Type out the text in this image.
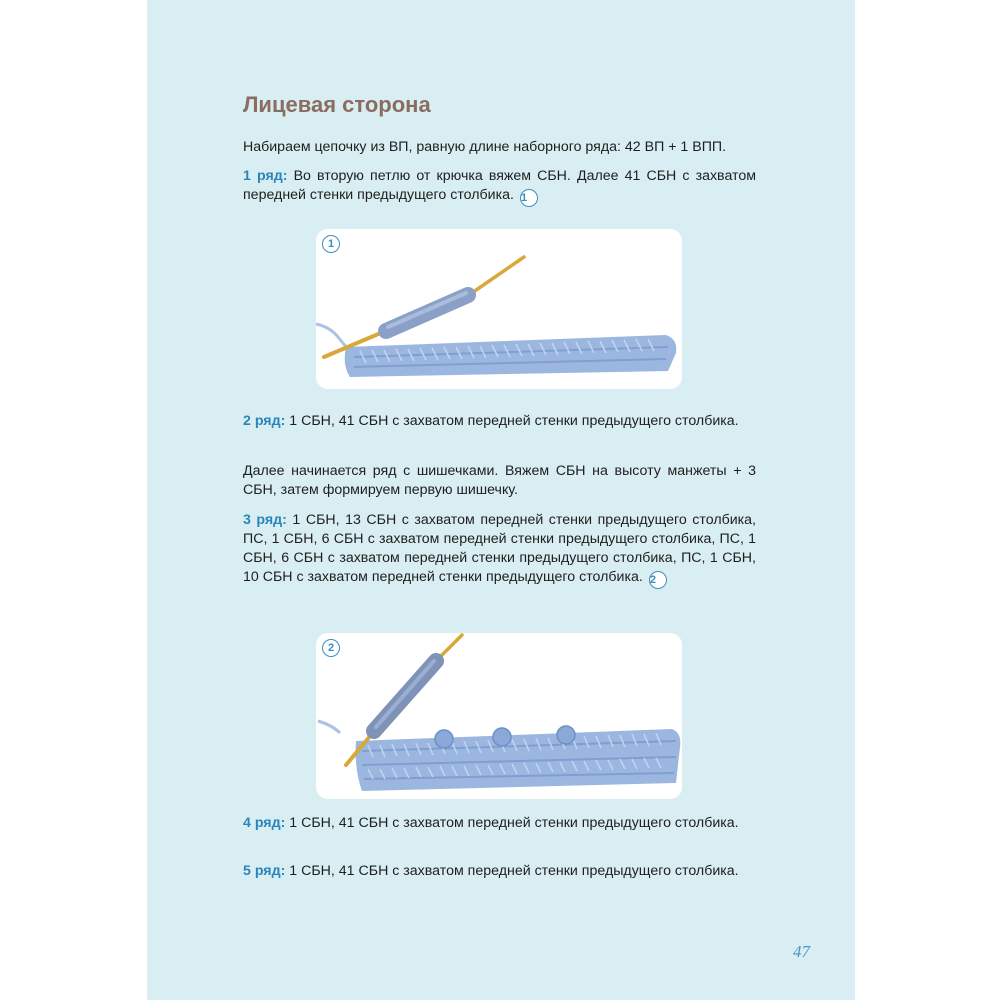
Лицевая сторона

Набираем цепочку из ВП, равную длине наборного ряда: 42 ВП + 1 ВПП.

1 ряд: Во вторую петлю от крючка вяжем СБН. Далее 41 СБН с захватом передней стенки предыдущего столбика. 1

1

2 ряд: 1 СБН, 41 СБН с захватом передней стенки предыдущего столбика.

Далее начинается ряд с шишечками. Вяжем СБН на высоту манжеты + 3 СБН, затем формируем первую шишечку.

3 ряд: 1 СБН, 13 СБН с захватом передней стенки предыдущего столбика, ПС, 1 СБН, 6 СБН с захватом передней стенки предыдущего столбика, ПС, 1 СБН, 6 СБН с захватом передней стенки предыдущего столбика, ПС, 1 СБН, 10 СБН с захватом передней стенки предыдущего столбика. 2

2

4 ряд: 1 СБН, 41 СБН с захватом передней стенки предыдущего столбика.

5 ряд: 1 СБН, 41 СБН с захватом передней стенки предыдущего столбика.

47
